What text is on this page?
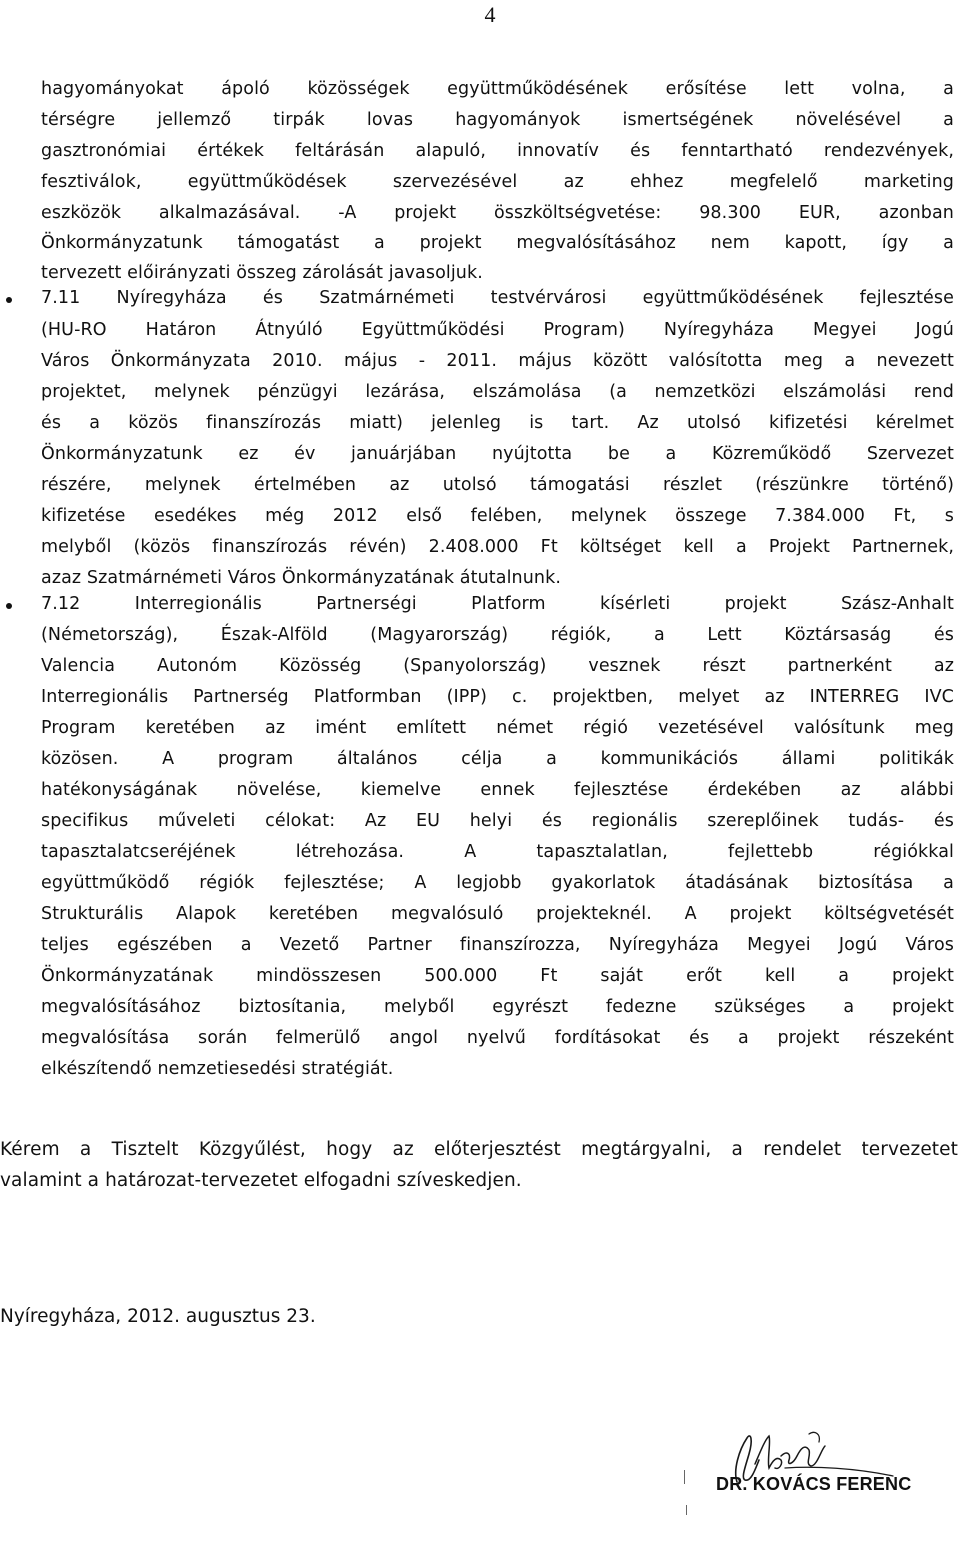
4
hagyományokat ápoló közösségek együttműködésének erősítése lett volna, a
térségre jellemző tirpák lovas hagyományok ismertségének növelésével a
gasztronómiai értékek feltárásán alapuló, innovatív és fenntartható rendezvények,
fesztiválok, együttműködések szervezésével az ehhez megfelelő marketing
eszközök alkalmazásával. -A projekt összköltségvetése: 98.300 EUR, azonban
Önkormányzatunk támogatást a projekt megvalósításához nem kapott, így a
tervezett előirányzati összeg zárolását javasoljuk.
7.11 Nyíregyháza és Szatmárnémeti testvérvárosi együttműködésének fejlesztése
(HU-RO Határon Átnyúló Együttműködési Program) Nyíregyháza Megyei Jogú
Város Önkormányzata 2010. május - 2011. május között valósította meg a nevezett
projektet, melynek pénzügyi lezárása, elszámolása (a nemzetközi elszámolási rend
és a közös finanszírozás miatt) jelenleg is tart. Az utolsó kifizetési kérelmet
Önkormányzatunk ez év januárjában nyújtotta be a Közreműködő Szervezet
részére, melynek értelmében az utolsó támogatási részlet (részünkre történő)
kifizetése esedékes még 2012 első felében, melynek összege 7.384.000 Ft, s
melyből (közös finanszírozás révén) 2.408.000 Ft költséget kell a Projekt Partnernek,
azaz Szatmárnémeti Város Önkormányzatának átutalnunk.
7.12 Interregionális Partnerségi Platform kísérleti projekt Szász-Anhalt
(Németország), Észak-Alföld (Magyarország) régiók, a Lett Köztársaság és
Valencia Autonóm Közösség (Spanyolország) vesznek részt partnerként az
Interregionális Partnerség Platformban (IPP) c. projektben, melyet az INTERREG IVC
Program keretében az imént említett német régió vezetésével valósítunk meg
közösen. A program általános célja a kommunikációs állami politikák
hatékonyságának növelése, kiemelve ennek fejlesztése érdekében az alábbi
specifikus műveleti célokat: Az EU helyi és regionális szereplőinek tudás- és
tapasztalatcseréjének létrehozása. A tapasztalatlan, fejlettebb régiókkal
együttműködő régiók fejlesztése; A legjobb gyakorlatok átadásának biztosítása a
Strukturális Alapok keretében megvalósuló projekteknél. A projekt költségvetését
teljes egészében a Vezető Partner finanszírozza, Nyíregyháza Megyei Jogú Város
Önkormányzatának mindösszesen 500.000 Ft saját erőt kell a projekt
megvalósításához biztosítania, melyből egyrészt fedezne szükséges a projekt
megvalósítása során felmerülő angol nyelvű fordításokat és a projekt részeként
elkészítendő nemzetiesedési stratégiát.
Kérem a Tisztelt Közgyűlést, hogy az előterjesztést megtárgyalni, a rendelet tervezetet
valamint a határozat-tervezetet elfogadni szíveskedjen.
Nyíregyháza, 2012. augusztus 23.
DR. KOVÁCS FERENC
